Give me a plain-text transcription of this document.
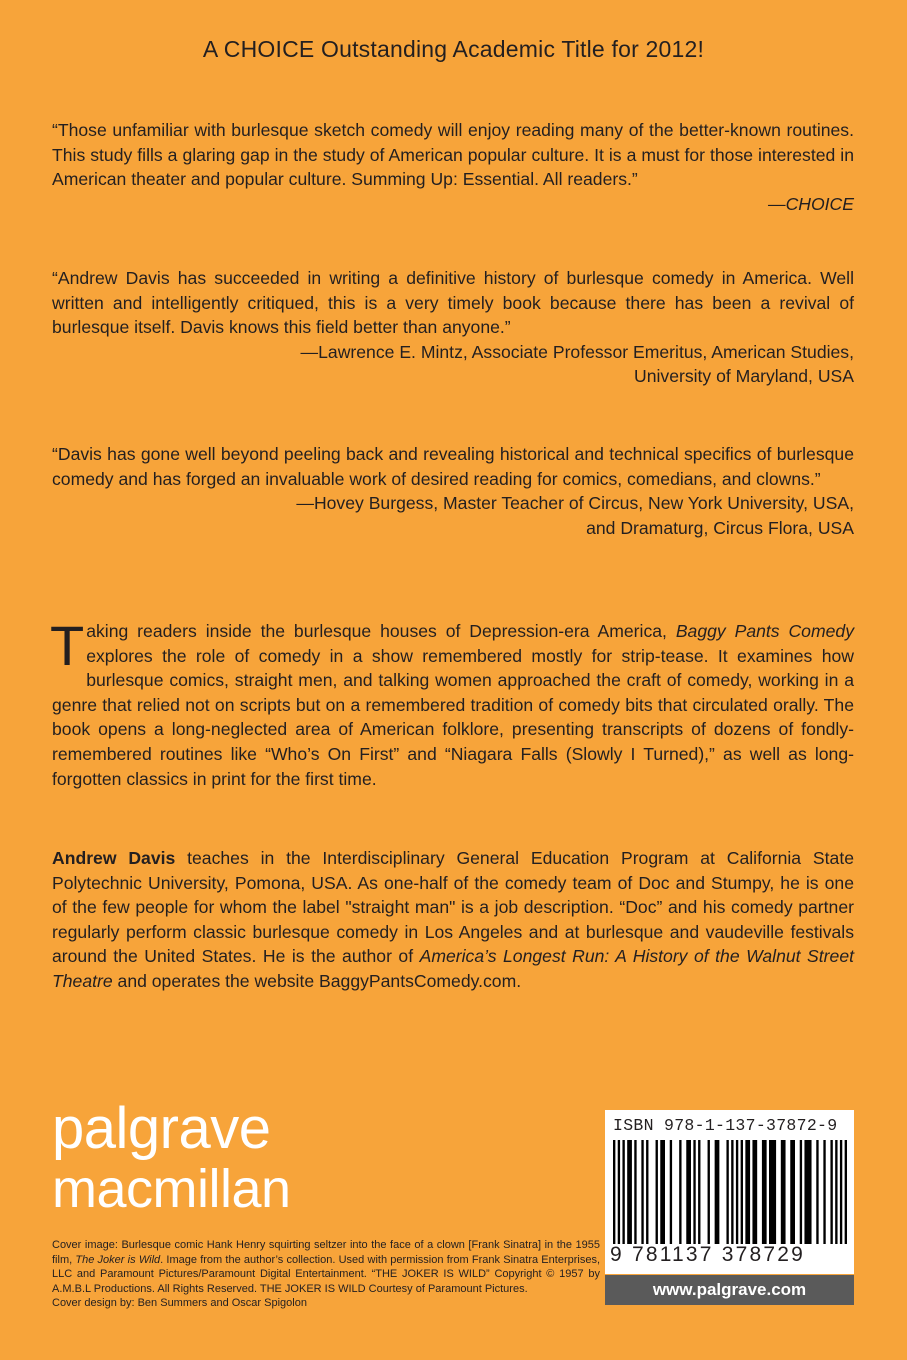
A CHOICE Outstanding Academic Title for 2012!

“Those unfamiliar with burlesque sketch comedy will enjoy reading many of the better-known routines. This study fills a glaring gap in the study of American popular culture. It is a must for those interested in American theater and popular culture. Summing Up: Essential. All readers.”

—CHOICE

“Andrew Davis has succeeded in writing a definitive history of burlesque comedy in America. Well written and intelligently critiqued, this is a very timely book because there has been a revival of burlesque itself. Davis knows this field better than anyone.”

—Lawrence E. Mintz, Associate Professor Emeritus, American Studies,

University of Maryland, USA

“Davis has gone well beyond peeling back and revealing historical and technical specifics of burlesque comedy and has forged an invaluable work of desired reading for comics, comedians, and clowns.”

—Hovey Burgess, Master Teacher of Circus, New York University, USA,

and Dramaturg, Circus Flora, USA

Taking readers inside the burlesque houses of Depression-era America, Baggy Pants Comedy explores the role of comedy in a show remembered mostly for strip-tease. It examines how burlesque comics, straight men, and talking women approached the craft of comedy, working in a genre that relied not on scripts but on a remembered tradition of comedy bits that circulated orally. The book opens a long-neglected area of American folklore, presenting transcripts of dozens of fondly-remembered routines like “Who’s On First” and “Niagara Falls (Slowly I Turned),” as well as long-forgotten classics in print for the first time.

Andrew Davis teaches in the Interdisciplinary General Education Program at California State Polytechnic University, Pomona, USA. As one-half of the comedy team of Doc and Stumpy, he is one of the few people for whom the label "straight man" is a job description. “Doc” and his comedy partner regularly perform classic burlesque comedy in Los Angeles and at burlesque and vaudeville festivals around the United States. He is the author of America’s Longest Run: A History of the Walnut Street Theatre and operates the website BaggyPantsComedy.com.

palgrave
macmillan
Cover image: Burlesque comic Hank Henry squirting seltzer into the face of a clown [Frank Sinatra] in the 1955 film, The Joker is Wild. Image from the author’s collection. Used with permission from Frank Sinatra Enterprises, LLC and Paramount Pictures/Paramount Digital Entertainment. “THE JOKER IS WILD” Copyright © 1957 by A.M.B.L Productions. All Rights Reserved. THE JOKER IS WILD Courtesy of Paramount Pictures.
Cover design by: Ben Summers and Oscar Spigolon
ISBN 978-1-137-37872-9
9 781137 378729
www.palgrave.com
